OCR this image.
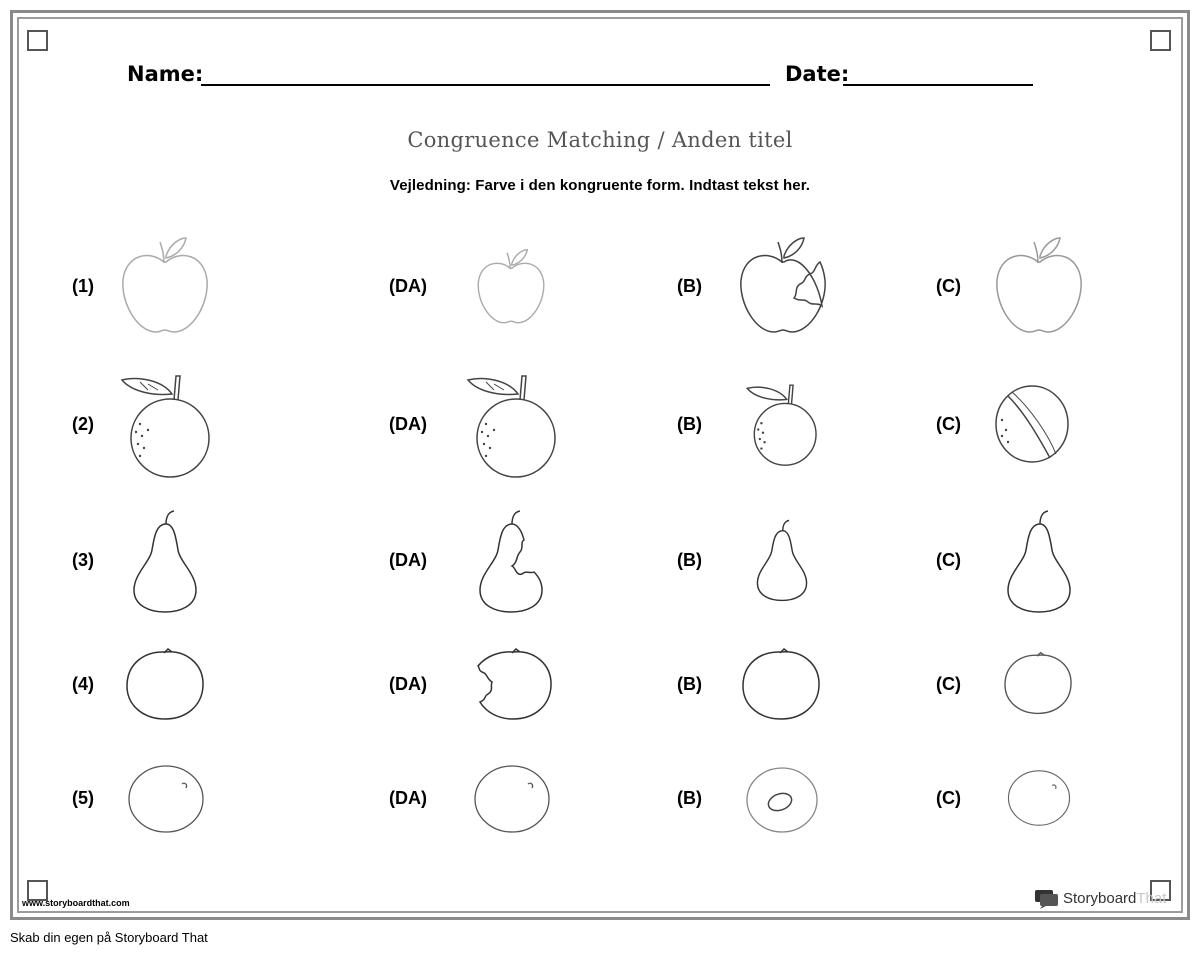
Name:	Date:
Congruence Matching / Anden titel
Vejledning: Farve i den kongruente form. Indtast tekst her.
(1)	(DA)	(B)	(C)
(2)	(DA)	(B)	(C)
(3)	(DA)	(B)	(C)
(4)	(DA)	(B)	(C)
(5)	(DA)	(B)	(C)
www.storyboardthat.com	StoryboardThat
Skab din egen på Storyboard That
